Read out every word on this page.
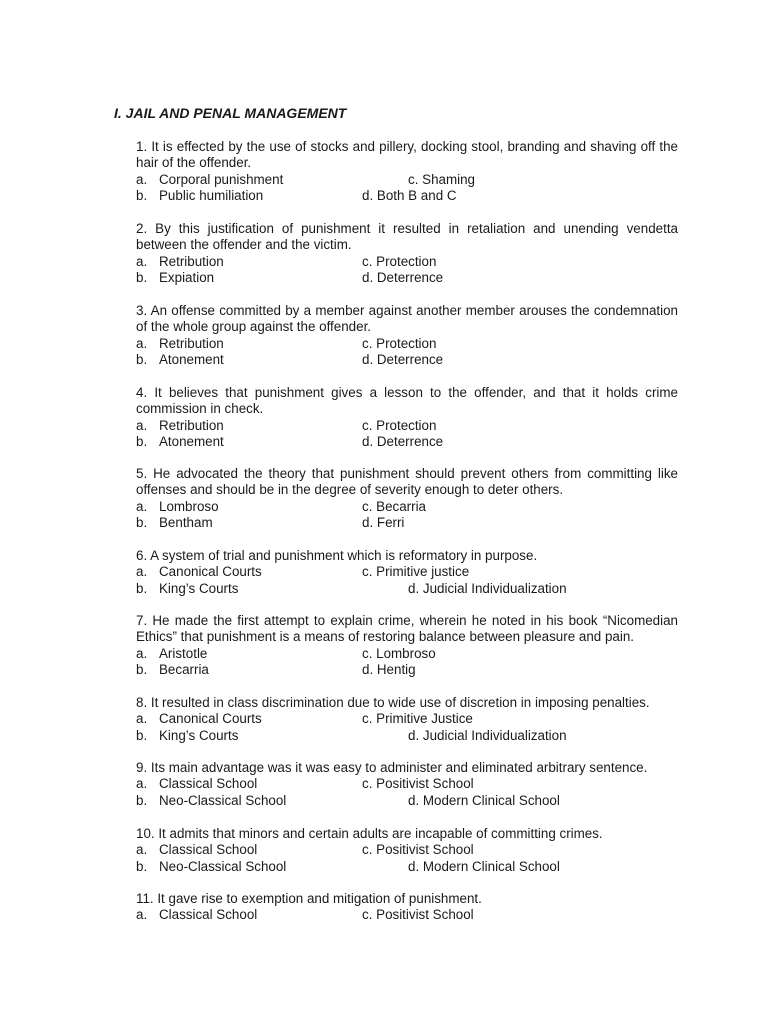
I. JAIL AND PENAL MANAGEMENT
1. It is effected by the use of stocks and pillery, docking stool, branding and shaving off the hair of the offender.
a. Corporal punishment	c. Shaming
b. Public humiliation	d. Both B and C
2. By this justification of punishment it resulted in retaliation and unending vendetta between the offender and the victim.
a. Retribution	c. Protection
b. Expiation	d. Deterrence
3. An offense committed by a member against another member arouses the condemnation of the whole group against the offender.
a. Retribution	c. Protection
b. Atonement	d. Deterrence
4. It believes that punishment gives a lesson to the offender, and that it holds crime commission in check.
a. Retribution	c. Protection
b. Atonement	d. Deterrence
5. He advocated the theory that punishment should prevent others from committing like offenses and should be in the degree of severity enough to deter others.
a. Lombroso	c. Becarria
b. Bentham	d. Ferri
6. A system of trial and punishment which is reformatory in purpose.
a. Canonical Courts	c. Primitive justice
b. King’s Courts	d. Judicial Individualization
7. He made the first attempt to explain crime, wherein he noted in his book “Nicomedian Ethics” that punishment is a means of restoring balance between pleasure and pain.
a. Aristotle	c. Lombroso
b. Becarria	d. Hentig
8. It resulted in class discrimination due to wide use of discretion in imposing penalties.
a. Canonical Courts	c. Primitive Justice
b. King’s Courts	d. Judicial Individualization
9. Its main advantage was it was easy to administer and eliminated arbitrary sentence.
a. Classical School	c. Positivist School
b. Neo-Classical School	d. Modern Clinical School
10. It admits that minors and certain adults are incapable of committing crimes.
a. Classical School	c. Positivist School
b. Neo-Classical School	d. Modern Clinical School
11. It gave rise to exemption and mitigation of punishment.
a. Classical School	c. Positivist School
